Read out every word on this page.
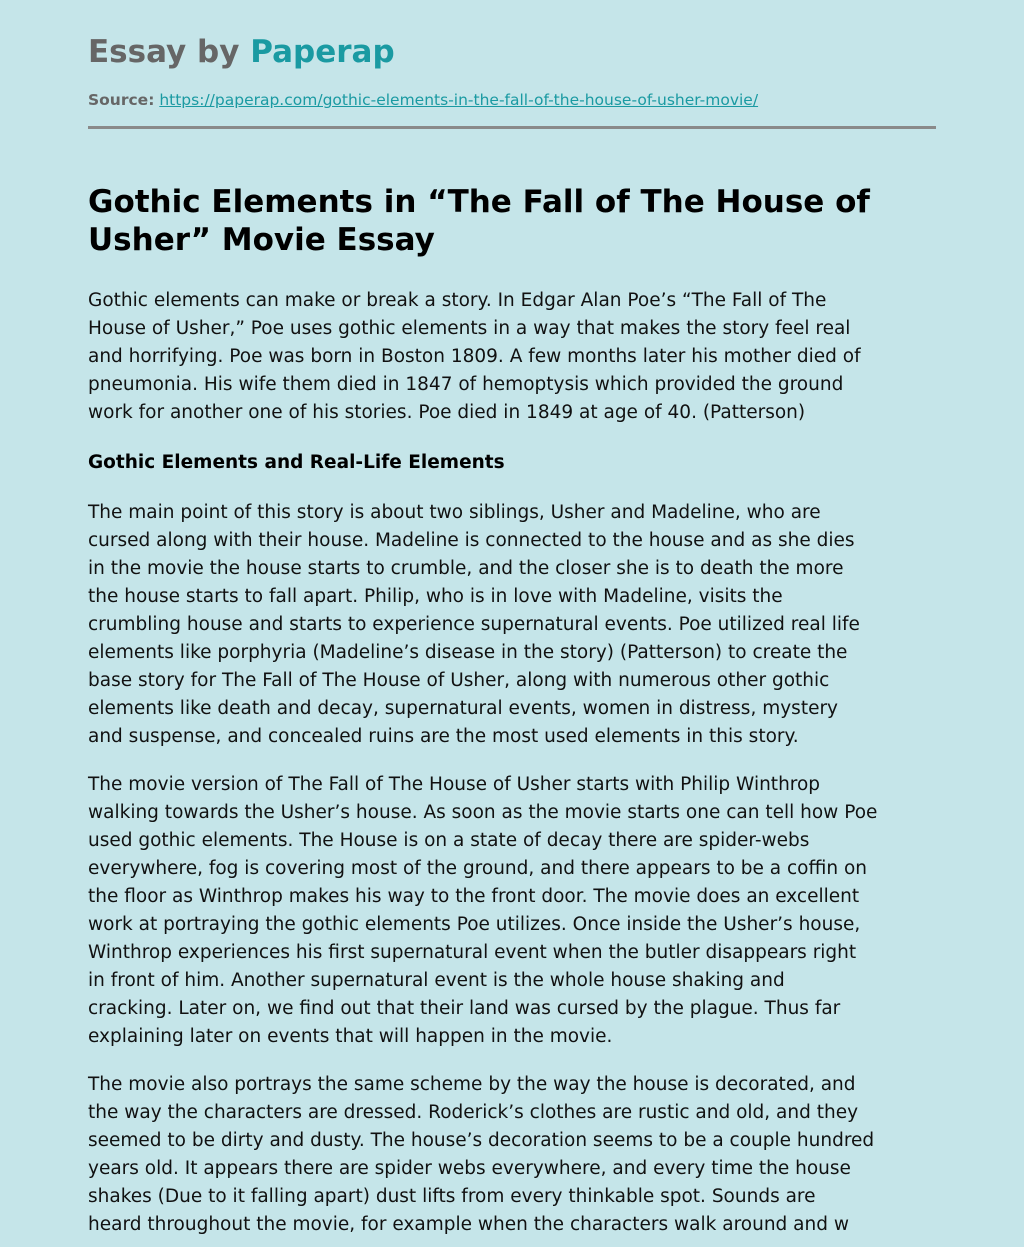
Essay by Paperap
Source: https://paperap.com/gothic-elements-in-the-fall-of-the-house-of-usher-movie/
Gothic Elements in “The Fall of The House of
Usher” Movie Essay

Gothic elements can make or break a story. In Edgar Alan Poe’s “The Fall of The
House of Usher,” Poe uses gothic elements in a way that makes the story feel real
and horrifying. Poe was born in Boston 1809. A few months later his mother died of
pneumonia. His wife them died in 1847 of hemoptysis which provided the ground
work for another one of his stories. Poe died in 1849 at age of 40. (Patterson)

Gothic Elements and Real-Life Elements

The main point of this story is about two siblings, Usher and Madeline, who are
cursed along with their house. Madeline is connected to the house and as she dies
in the movie the house starts to crumble, and the closer she is to death the more
the house starts to fall apart. Philip, who is in love with Madeline, visits the
crumbling house and starts to experience supernatural events. Poe utilized real life
elements like porphyria (Madeline’s disease in the story) (Patterson) to create the
base story for The Fall of The House of Usher, along with numerous other gothic
elements like death and decay, supernatural events, women in distress, mystery
and suspense, and concealed ruins are the most used elements in this story.

The movie version of The Fall of The House of Usher starts with Philip Winthrop
walking towards the Usher’s house. As soon as the movie starts one can tell how Poe
used gothic elements. The House is on a state of decay there are spider-webs
everywhere, fog is covering most of the ground, and there appears to be a coffin on
the floor as Winthrop makes his way to the front door. The movie does an excellent
work at portraying the gothic elements Poe utilizes. Once inside the Usher’s house,
Winthrop experiences his first supernatural event when the butler disappears right
in front of him. Another supernatural event is the whole house shaking and
cracking. Later on, we find out that their land was cursed by the plague. Thus far
explaining later on events that will happen in the movie.

The movie also portrays the same scheme by the way the house is decorated, and
the way the characters are dressed. Roderick’s clothes are rustic and old, and they
seemed to be dirty and dusty. The house’s decoration seems to be a couple hundred
years old. It appears there are spider webs everywhere, and every time the house
shakes (Due to it falling apart) dust lifts from every thinkable spot. Sounds are
heard throughout the movie, for example when the characters walk around and w
